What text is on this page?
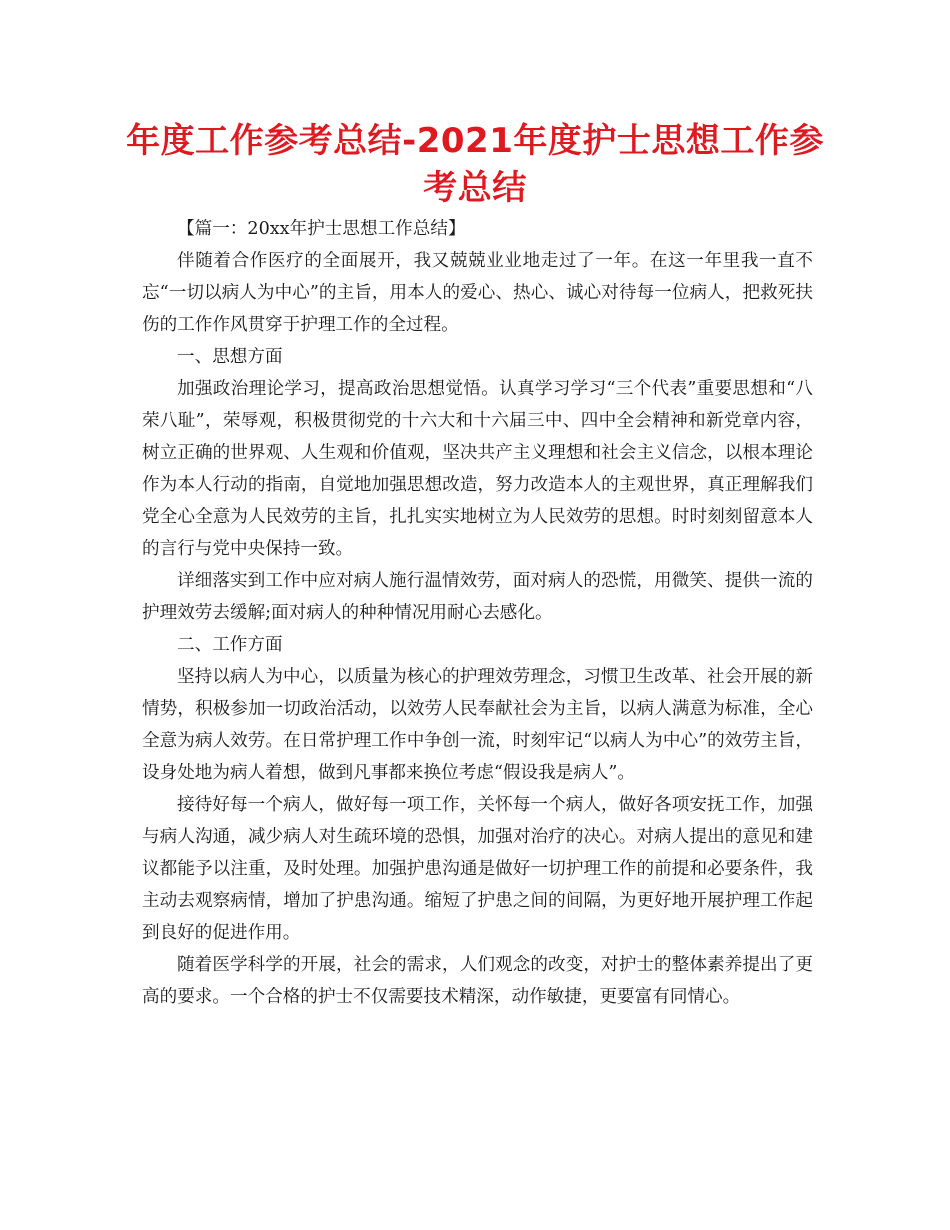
年度工作参考总结-2021年度护士思想工作参考总结

【篇一：20xx年护士思想工作总结】

伴随着合作医疗的全面展开，我又兢兢业业地走过了一年。在这一年里我一直不忘“一切以病人为中心”的主旨，用本人的爱心、热心、诚心对待每一位病人，把救死扶伤的工作作风贯穿于护理工作的全过程。

一、思想方面

加强政治理论学习，提高政治思想觉悟。认真学习学习“三个代表”重要思想和“八荣八耻”，荣辱观，积极贯彻党的十六大和十六届三中、四中全会精神和新党章内容，树立正确的世界观、人生观和价值观，坚决共产主义理想和社会主义信念，以根本理论作为本人行动的指南，自觉地加强思想改造，努力改造本人的主观世界，真正理解我们党全心全意为人民效劳的主旨，扎扎实实地树立为人民效劳的思想。时时刻刻留意本人的言行与党中央保持一致。

详细落实到工作中应对病人施行温情效劳，面对病人的恐慌，用微笑、提供一流的护理效劳去缓解;面对病人的种种情况用耐心去感化。

二、工作方面

坚持以病人为中心，以质量为核心的护理效劳理念，习惯卫生改革、社会开展的新情势，积极参加一切政治活动，以效劳人民奉献社会为主旨，以病人满意为标准，全心全意为病人效劳。在日常护理工作中争创一流，时刻牢记“以病人为中心”的效劳主旨，设身处地为病人着想，做到凡事都来换位考虑“假设我是病人”。

接待好每一个病人，做好每一项工作，关怀每一个病人，做好各项安抚工作，加强与病人沟通，减少病人对生疏环境的恐惧，加强对治疗的决心。对病人提出的意见和建议都能予以注重，及时处理。加强护患沟通是做好一切护理工作的前提和必要条件，我主动去观察病情，增加了护患沟通。缩短了护患之间的间隔，为更好地开展护理工作起到良好的促进作用。

随着医学科学的开展，社会的需求，人们观念的改变，对护士的整体素养提出了更高的要求。一个合格的护士不仅需要技术精深，动作敏捷，更要富有同情心。
